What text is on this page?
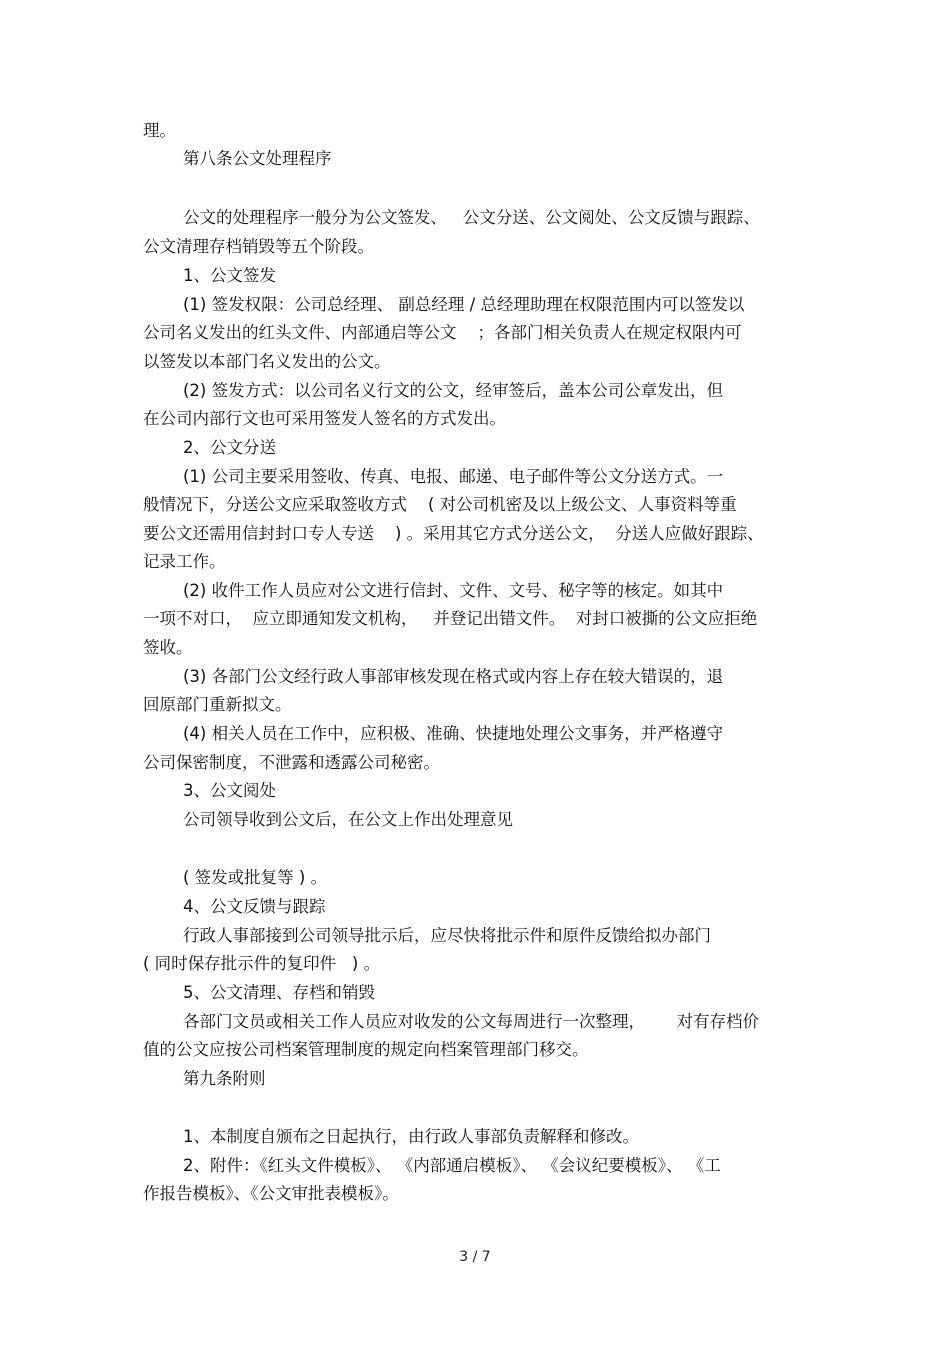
理。

第八条公文处理程序

公文的处理程序一般分为公文签发、   公文分送、公文阅处、公文反馈与跟踪、

公文清理存档销毁等五个阶段。

1、公文签发

(1) 签发权限：公司总经理、 副总经理 / 总经理助理在权限范围内可以签发以

公司名义发出的红头文件、内部通启等公文    ；各部门相关负责人在规定权限内可

以签发以本部门名义发出的公文。

(2) 签发方式：以公司名义行文的公文，经审签后，盖本公司公章发出，但

在公司内部行文也可采用签发人签名的方式发出。

2、公文分送

(1) 公司主要采用签收、传真、电报、邮递、电子邮件等公文分送方式。一

般情况下，分送公文应采取签收方式    ( 对公司机密及以上级公文、人事资料等重

要公文还需用信封封口专人专送    ) 。采用其它方式分送公文，  分送人应做好跟踪、

记录工作。

(2) 收件工作人员应对公文进行信封、文件、文号、秘字等的核定。如其中

一项不对口，  应立即通知发文机构，   并登记出错文件。  对封口被撕的公文应拒绝

签收。

(3) 各部门公文经行政人事部审核发现在格式或内容上存在较大错误的，退

回原部门重新拟文。

(4) 相关人员在工作中，应积极、准确、快捷地处理公文事务，并严格遵守

公司保密制度，不泄露和透露公司秘密。

3、公文阅处

公司领导收到公文后，在公文上作出处理意见

( 签发或批复等 ) 。

4、公文反馈与跟踪

行政人事部接到公司领导批示后，应尽快将批示件和原件反馈给拟办部门

( 同时保存批示件的复印件   ) 。

5、公文清理、存档和销毁

各部门文员或相关工作人员应对收发的公文每周进行一次整理，      对有存档价

值的公文应按公司档案管理制度的规定向档案管理部门移交。

第九条附则

1、本制度自颁布之日起执行，由行政人事部负责解释和修改。

2、附件：《红头文件模板》、 《内部通启模板》、 《会议纪要模板》、 《工

作报告模板》、《公文审批表模板》。

3 / 7
